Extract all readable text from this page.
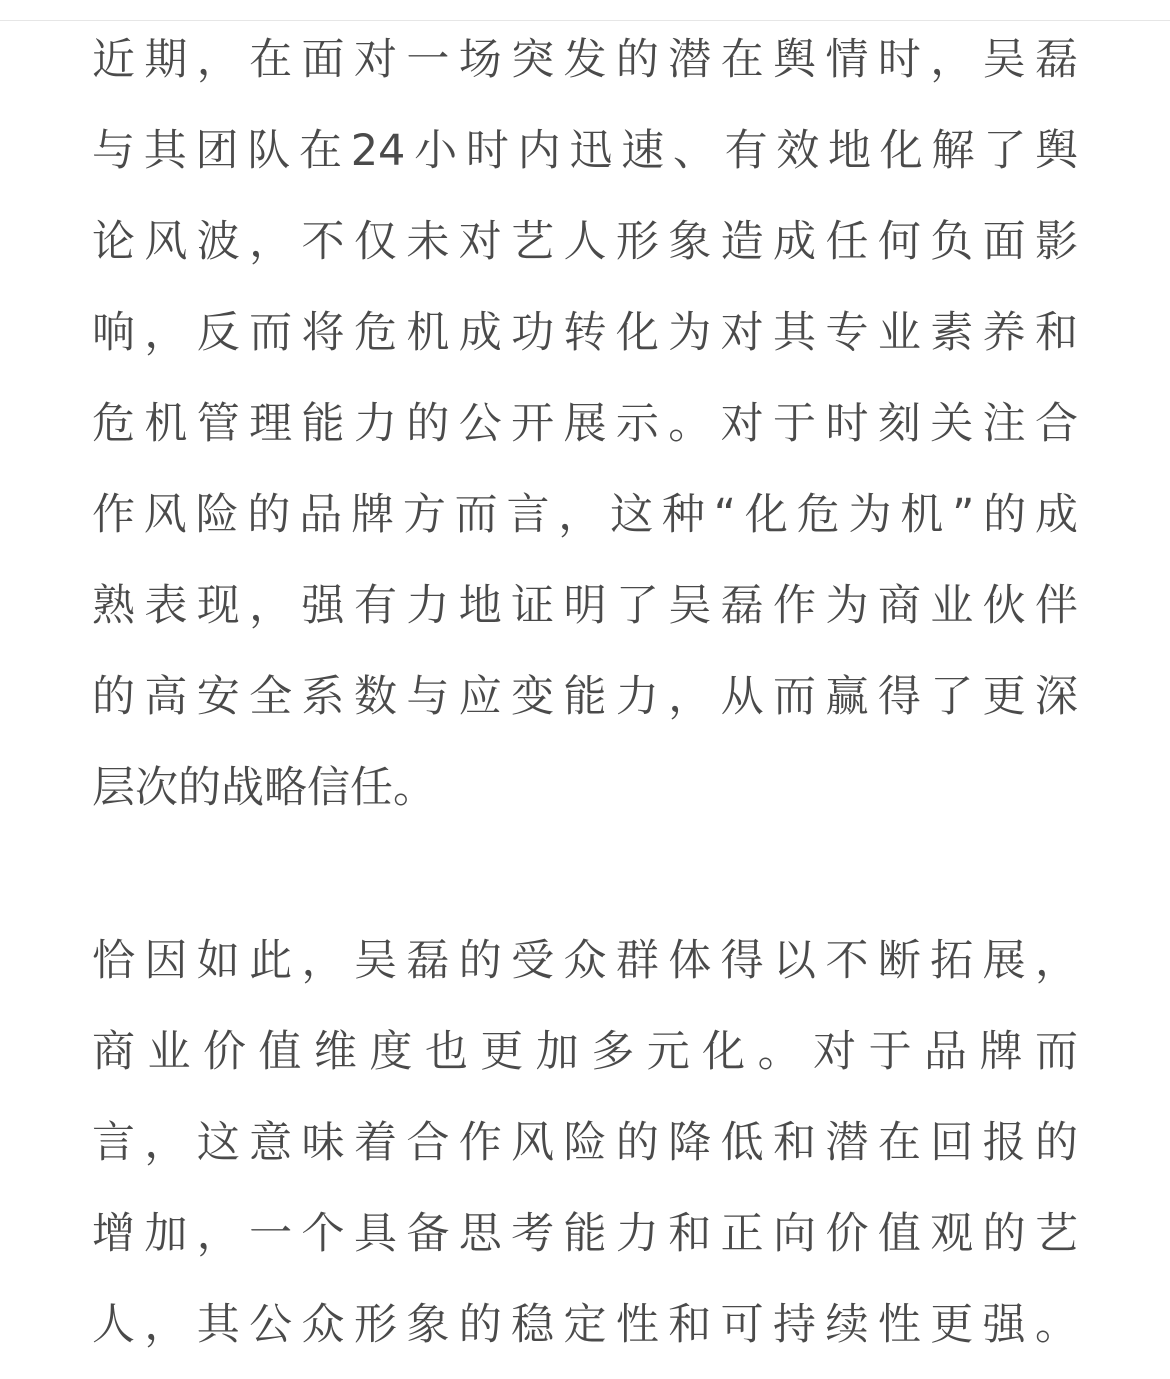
近期，在面对一场突发的潜在舆情时，吴磊
与其团队在24小时内迅速、有效地化解了舆
论风波，不仅未对艺人形象造成任何负面影
响，反而将危机成功转化为对其专业素养和
危机管理能力的公开展示。对于时刻关注合
作风险的品牌方而言，这种“化危为机”的成
熟表现，强有力地证明了吴磊作为商业伙伴
的高安全系数与应变能力，从而赢得了更深
层次的战略信任。
恰因如此，吴磊的受众群体得以不断拓展，
商业价值维度也更加多元化。对于品牌而
言，这意味着合作风险的降低和潜在回报的
增加，一个具备思考能力和正向价值观的艺
人，其公众形象的稳定性和可持续性更强。
